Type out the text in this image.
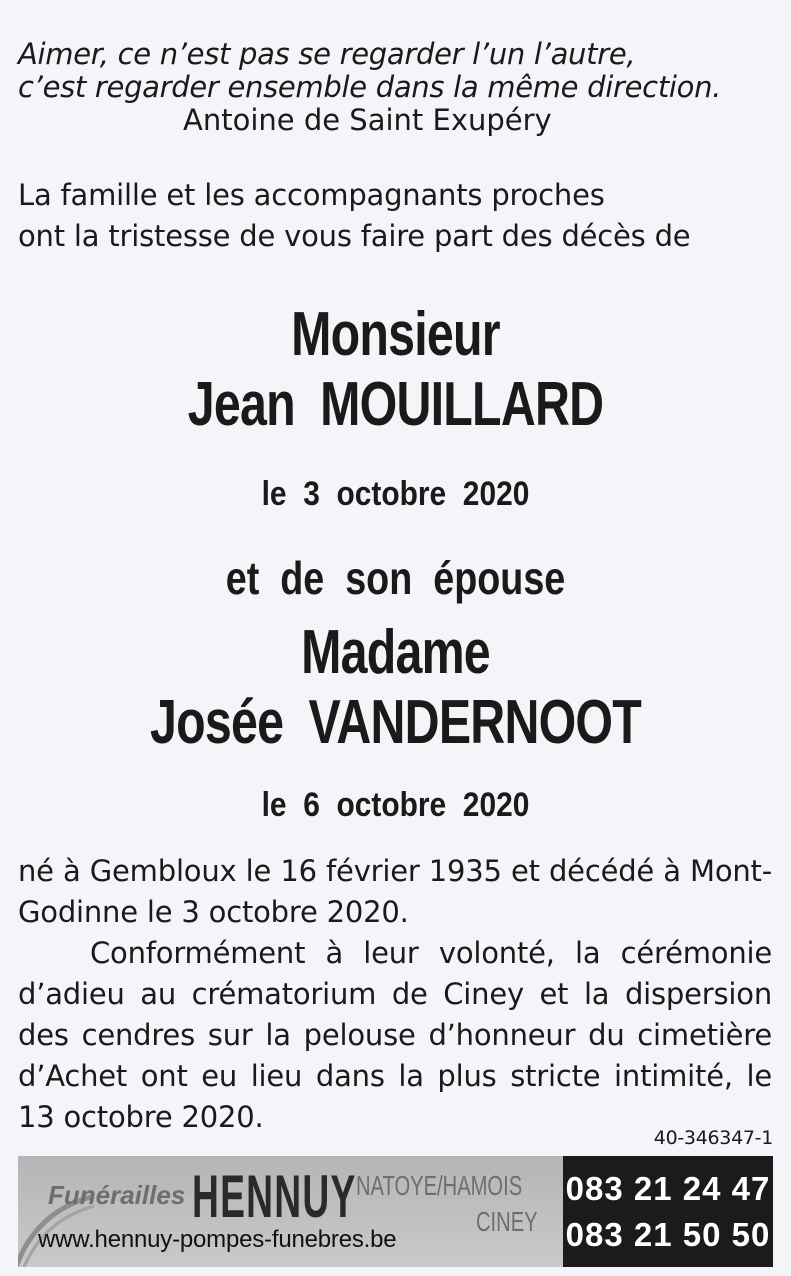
Aimer, ce n’est pas se regarder l’un l’autre,
c’est regarder ensemble dans la même direction.
Antoine de Saint Exupéry
La famille et les accompagnants proches
ont la tristesse de vous faire part des décès de
Monsieur
Jean  MOUILLARD
le  3  octobre  2020
et  de  son  épouse
Madame
Josée  VANDERNOOT
le  6  octobre  2020

né à Gembloux le 16 février 1935 et décédé à Mont-Godinne le 3 octobre 2020.

Conformément à leur volonté, la cérémonie d’adieu au crématorium de Ciney et la dispersion des cendres sur la pelouse d’honneur du cimetière d’Achet ont eu lieu dans la plus stricte intimité, le 13 octobre 2020.

40-346347-1
Funérailles HENNUY NATOYE/HAMOIS
CINEY
www.hennuy-pompes-funebres.be
083 21 24 47
083 21 50 50
